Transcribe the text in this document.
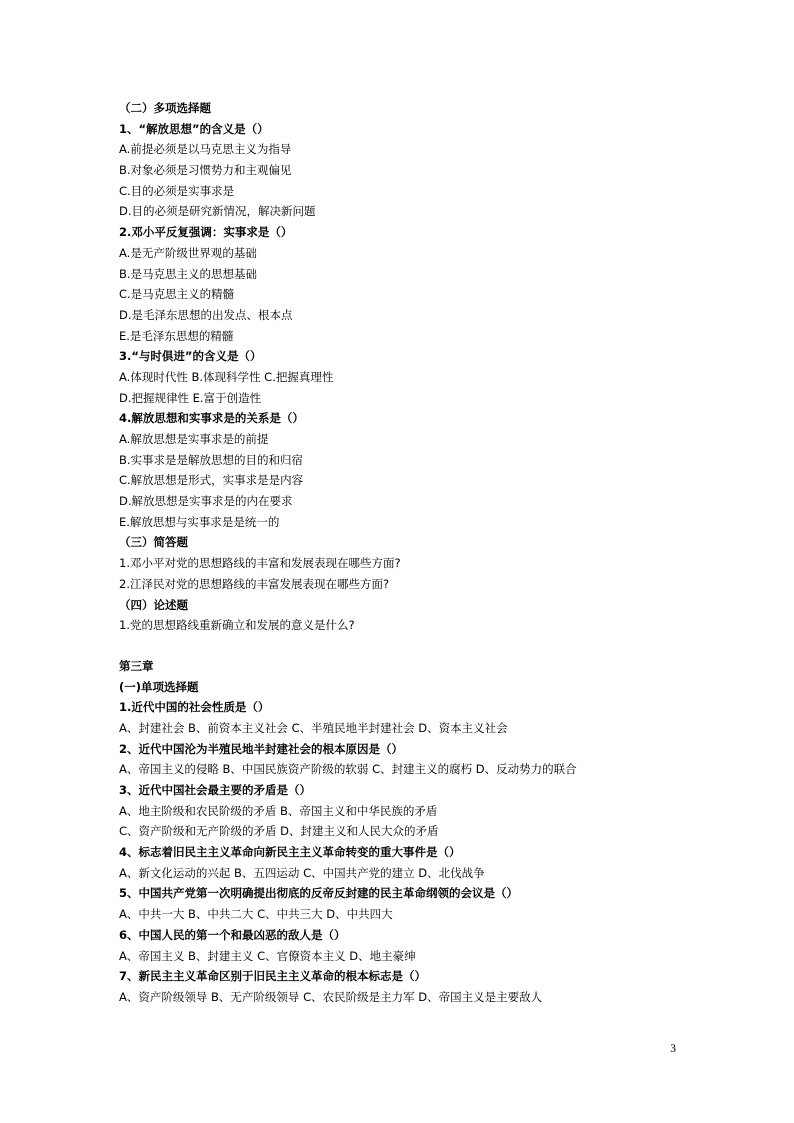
（二）多项选择题
1、“解放思想”的含义是（）
A.前提必须是以马克思主义为指导
B.对象必须是习惯势力和主观偏见
C.目的必须是实事求是
D.目的必须是研究新情况，解决新问题
2.邓小平反复强调：实事求是（）
A.是无产阶级世界观的基础
B.是马克思主义的思想基础
C.是马克思主义的精髓
D.是毛泽东思想的出发点、根本点
E.是毛泽东思想的精髓
3.“与时俱进”的含义是（）
A.体现时代性 B.体现科学性 C.把握真理性
D.把握规律性 E.富于创造性
4.解放思想和实事求是的关系是（）
A.解放思想是实事求是的前提
B.实事求是是解放思想的目的和归宿
C.解放思想是形式，实事求是是内容
D.解放思想是实事求是的内在要求
E.解放思想与实事求是是统一的
（三）简答题
1.邓小平对党的思想路线的丰富和发展表现在哪些方面?
2.江泽民对党的思想路线的丰富发展表现在哪些方面?
（四）论述题
1.党的思想路线重新确立和发展的意义是什么?
第三章
(一)单项选择题
1.近代中国的社会性质是（）
A、封建社会 B、前资本主义社会 C、半殖民地半封建社会 D、资本主义社会
2、近代中国沦为半殖民地半封建社会的根本原因是（）
A、帝国主义的侵略 B、中国民族资产阶级的软弱 C、封建主义的腐朽 D、反动势力的联合
3、近代中国社会最主要的矛盾是（）
A、地主阶级和农民阶级的矛盾 B、帝国主义和中华民族的矛盾
C、资产阶级和无产阶级的矛盾 D、封建主义和人民大众的矛盾
4、标志着旧民主主义革命向新民主主义革命转变的重大事件是（）
A、新文化运动的兴起 B、五四运动 C、中国共产党的建立 D、北伐战争
5、中国共产党第一次明确提出彻底的反帝反封建的民主革命纲领的会议是（）
A、中共一大 B、中共二大 C、中共三大 D、中共四大
6、中国人民的第一个和最凶恶的敌人是（）
A、帝国主义 B、封建主义 C、官僚资本主义 D、地主豪绅
7、新民主主义革命区别于旧民主主义革命的根本标志是（）
A、资产阶级领导 B、无产阶级领导 C、农民阶级是主力军 D、帝国主义是主要敌人
3
